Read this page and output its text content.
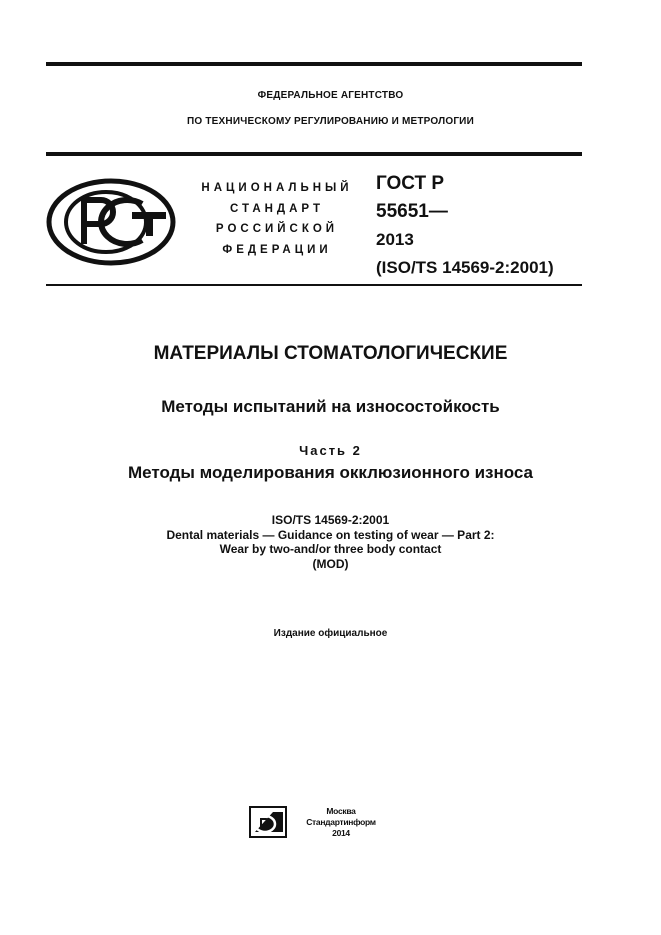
ФЕДЕРАЛЬНОЕ АГЕНТСТВО
ПО ТЕХНИЧЕСКОМУ РЕГУЛИРОВАНИЮ И МЕТРОЛОГИИ
НАЦИОНАЛЬНЫЙ
СТАНДАРТ
РОССИЙСКОЙ
ФЕДЕРАЦИИ
ГОСТ Р
55651—
2013
(ISO/TS 14569-2:2001)
МАТЕРИАЛЫ СТОМАТОЛОГИЧЕСКИЕ
Методы испытаний на износостойкость
Часть 2
Методы моделирования окклюзионного износа
ISO/TS 14569-2:2001
Dental materials — Guidance on testing of wear — Part 2:
Wear by two-and/or three body contact
(MOD)
Издание официальное
Москва
Стандартинформ
2014
